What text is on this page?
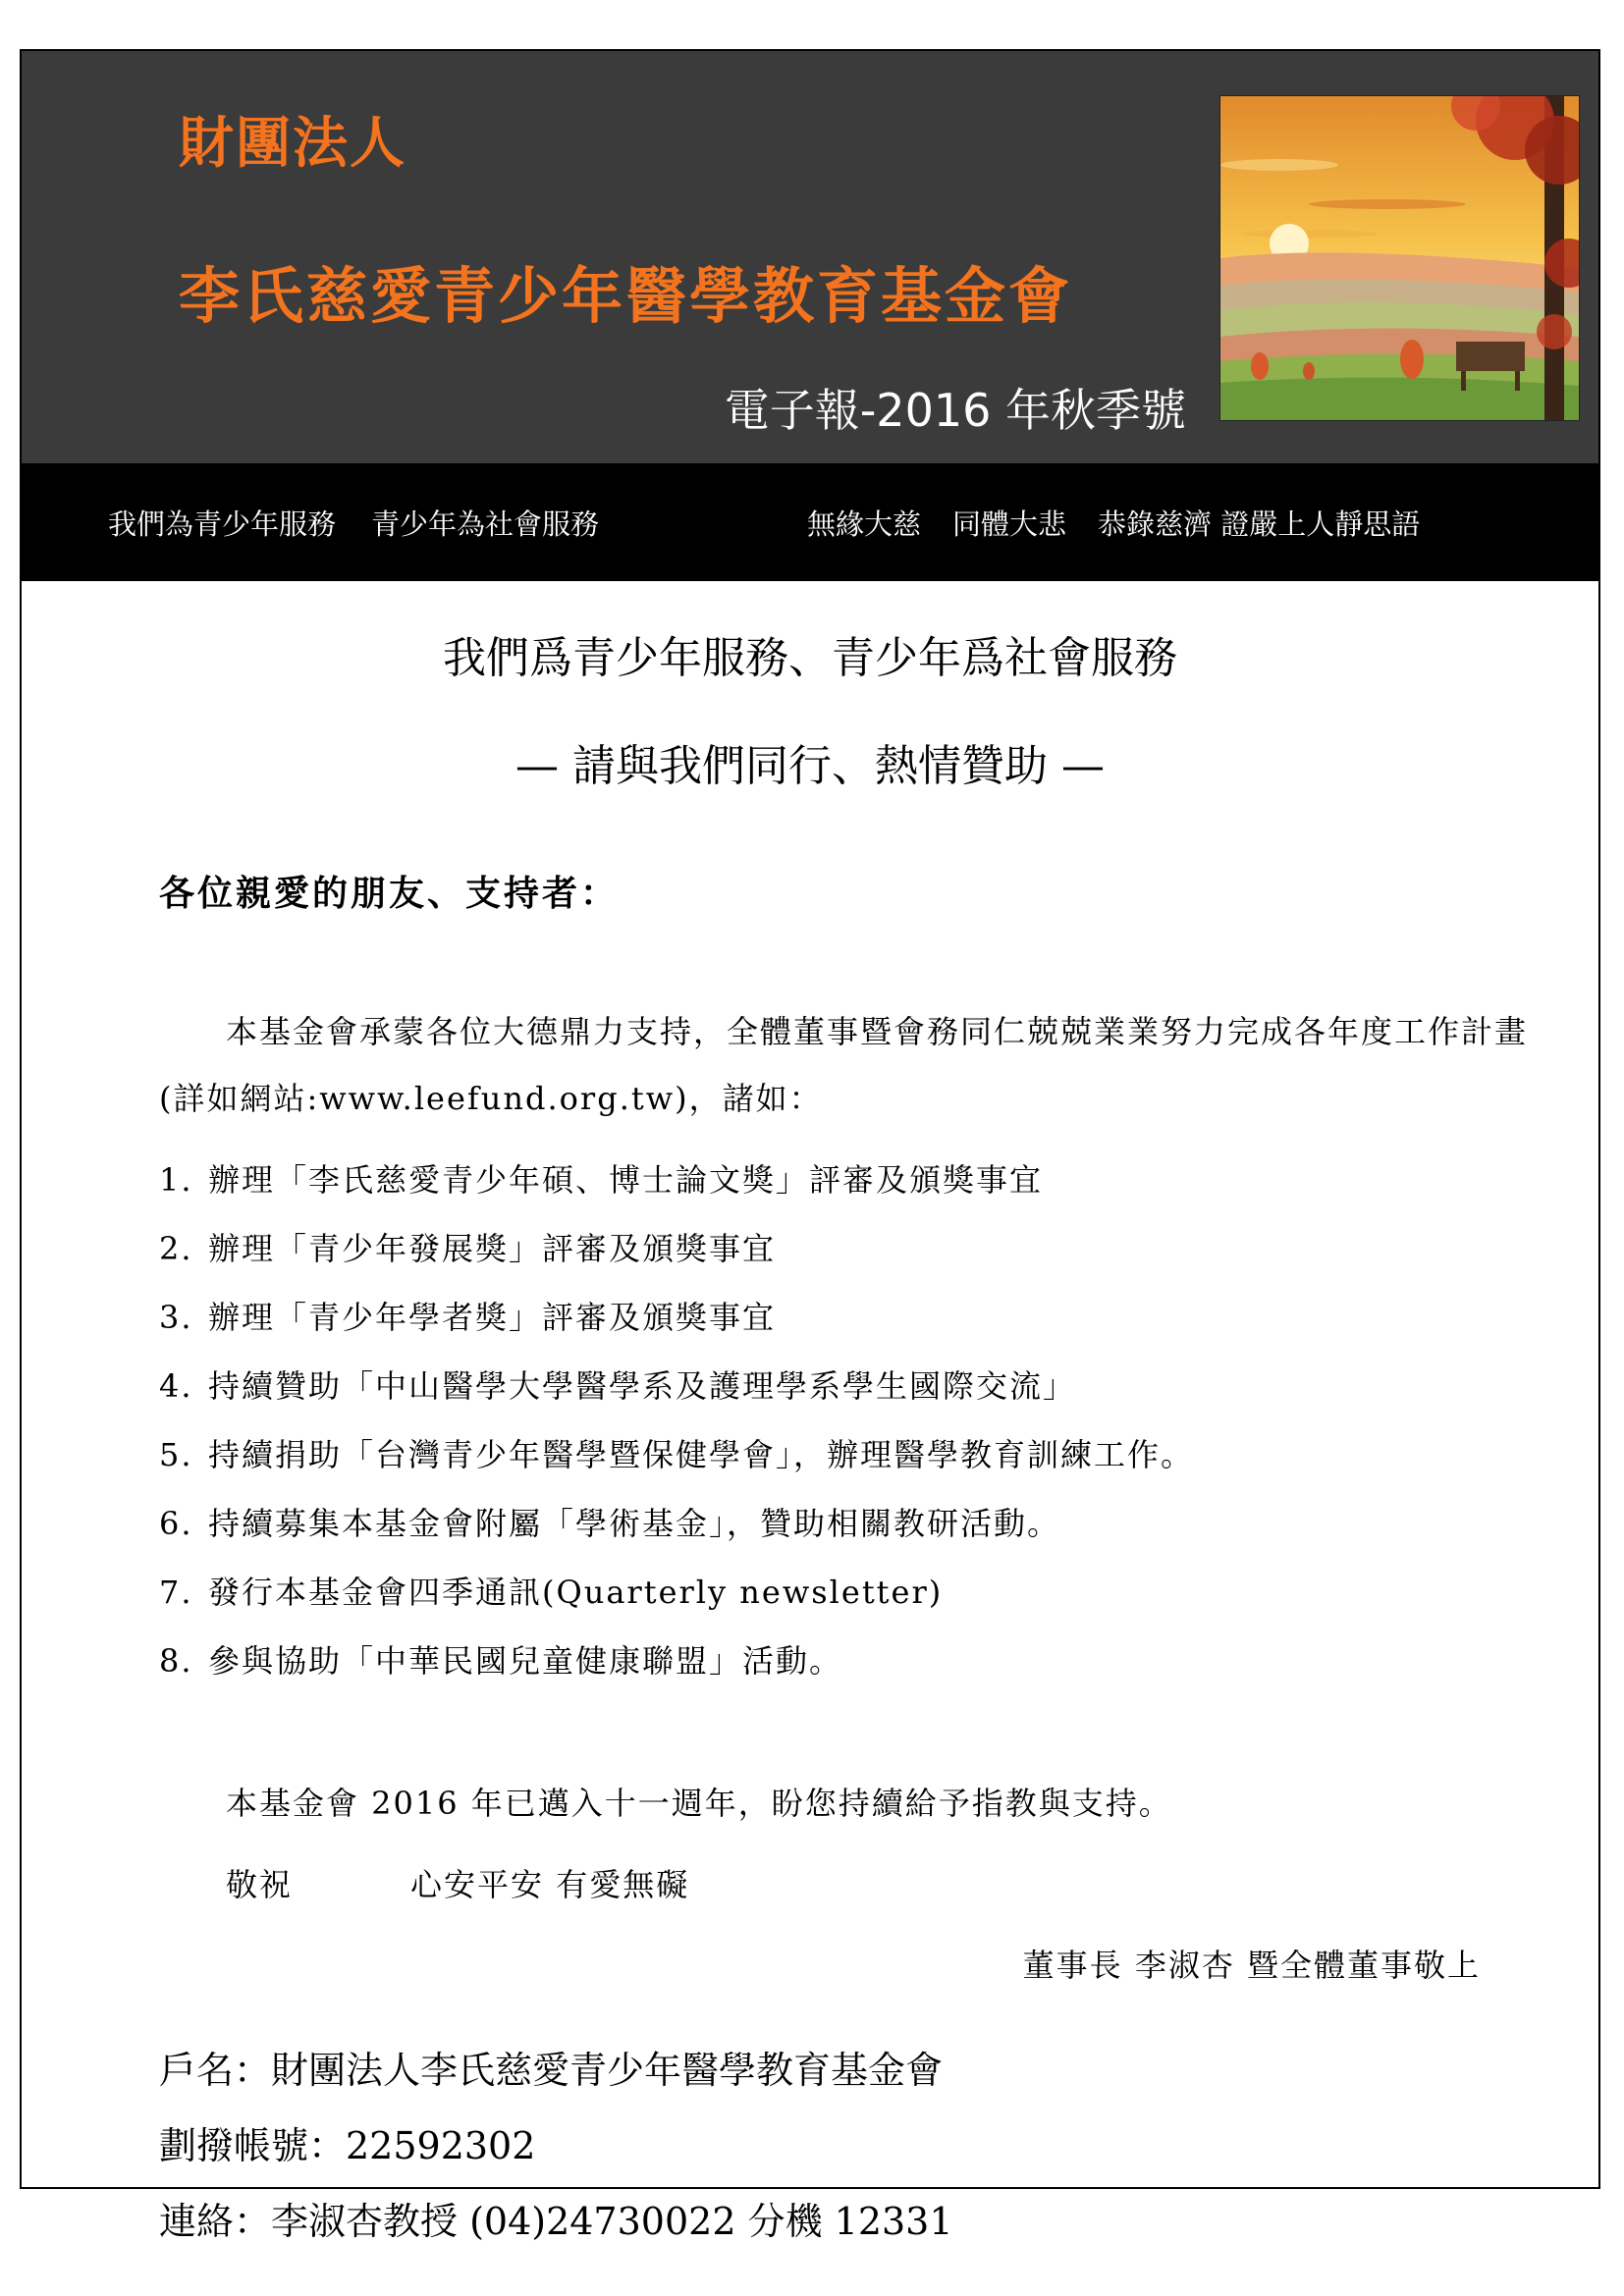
財團法人
李氏慈愛青少年醫學教育基金會
電子報-2016 年秋季號
我們為青少年服務 青少年為社會服務	無緣大慈 同體大悲 恭錄慈濟 證嚴上人靜思語
我們爲青少年服務、青少年爲社會服務
— 請與我們同行、熱情贊助 —
各位親愛的朋友、支持者：
本基金會承蒙各位大德鼎力支持，全體董事暨會務同仁兢兢業業努力完成各年度工作計畫(詳如網站:www.leefund.org.tw)，諸如：
1. 辦理「李氏慈愛青少年碩、博士論文獎」評審及頒獎事宜
2. 辦理「青少年發展獎」評審及頒獎事宜
3. 辦理「青少年學者獎」評審及頒獎事宜
4. 持續贊助「中山醫學大學醫學系及護理學系學生國際交流」
5. 持續捐助「台灣青少年醫學暨保健學會」，辦理醫學教育訓練工作。
6. 持續募集本基金會附屬「學術基金」，贊助相關教研活動。
7. 發行本基金會四季通訊(Quarterly newsletter)
8. 參與協助「中華民國兒童健康聯盟」活動。
本基金會 2016 年已邁入十一週年，盼您持續給予指教與支持。
敬祝	心安平安 有愛無礙
董事長 李淑杏 暨全體董事敬上
戶名：財團法人李氏慈愛青少年醫學教育基金會
劃撥帳號：22592302
連絡：李淑杏教授 (04)24730022 分機 12331
